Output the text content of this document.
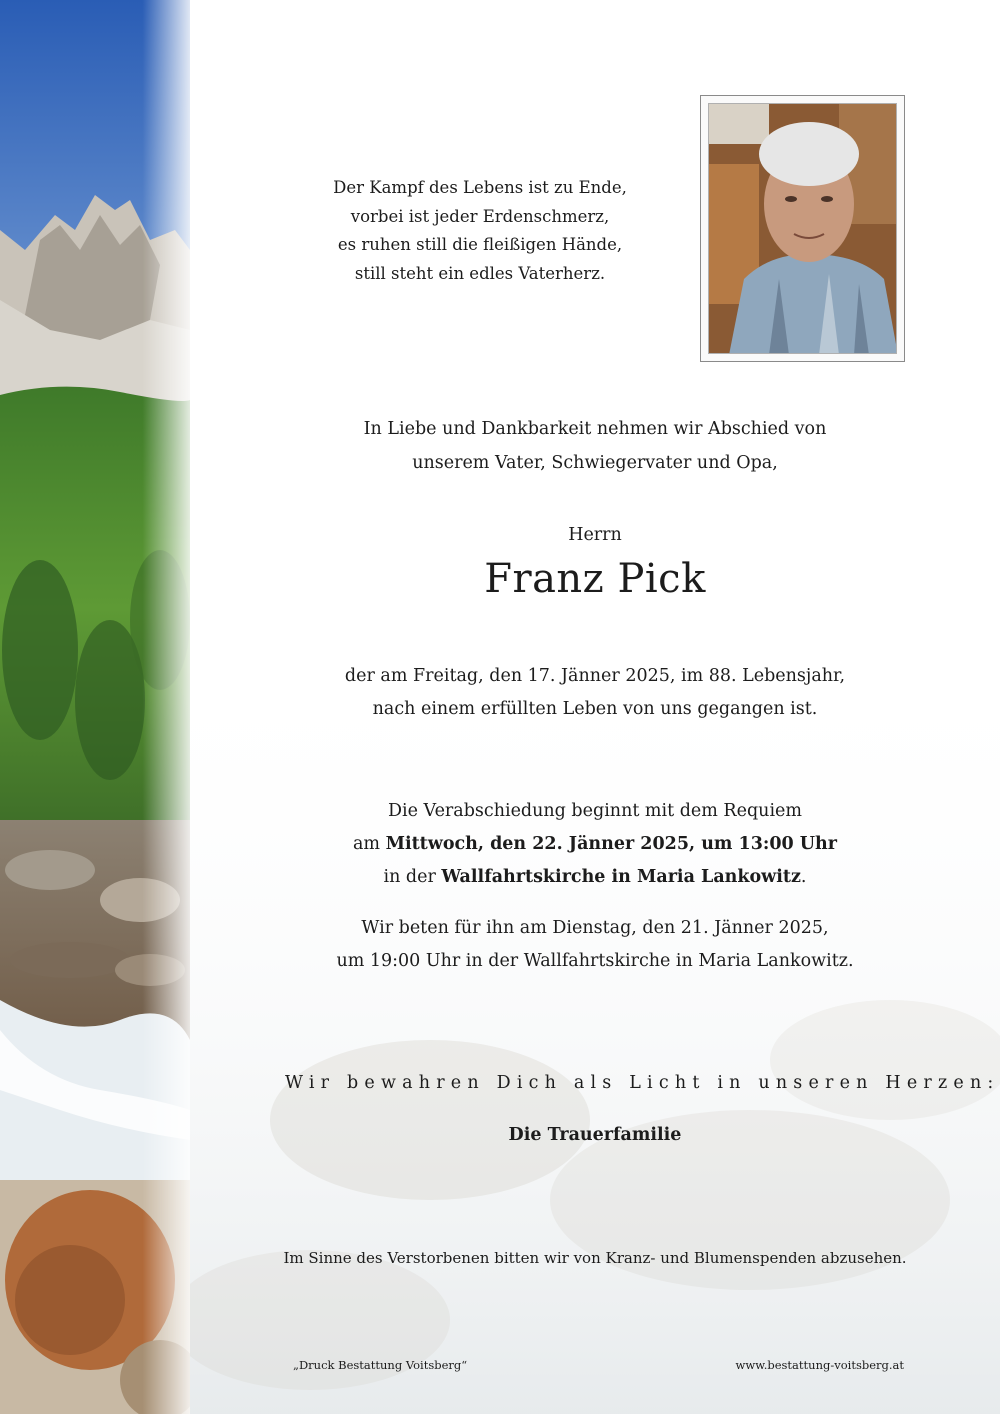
Der Kampf des Lebens ist zu Ende,
vorbei ist jeder Erdenschmerz,
es ruhen still die fleißigen Hände,
still steht ein edles Vaterherz.
In Liebe und Dankbarkeit nehmen wir Abschied von
unserem Vater, Schwiegervater und Opa,
Herrn
Franz Pick
der am Freitag, den 17. Jänner 2025, im 88. Lebensjahr,
nach einem erfüllten Leben von uns gegangen ist.
Die Verabschiedung beginnt mit dem Requiem
am Mittwoch, den 22. Jänner 2025, um 13:00 Uhr
in der Wallfahrtskirche in Maria Lankowitz.
Wir beten für ihn am Dienstag, den 21. Jänner 2025,
um 19:00 Uhr in der Wallfahrtskirche in Maria Lankowitz.
Wir bewahren Dich als Licht in unseren Herzen:
Die Trauerfamilie
Im Sinne des Verstorbenen bitten wir von Kranz- und Blumenspenden abzusehen.
„Druck Bestattung Voitsberg“	www.bestattung-voitsberg.at
